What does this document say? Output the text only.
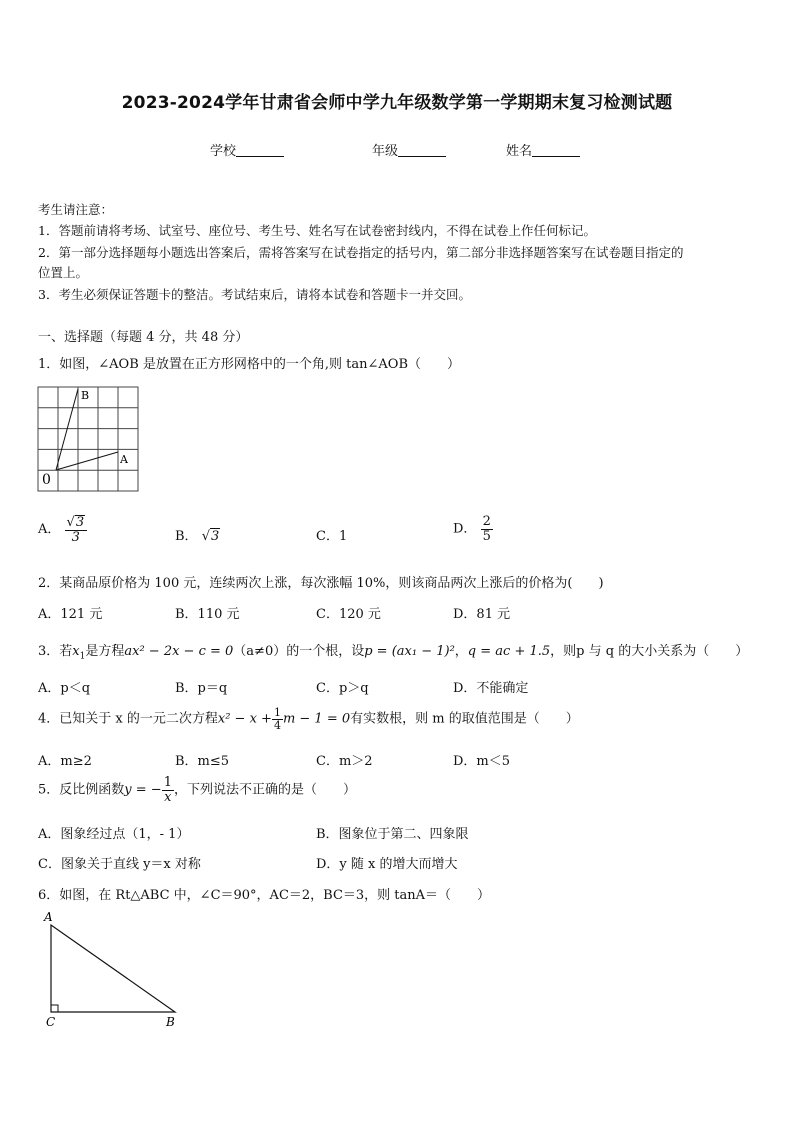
2023-2024学年甘肃省会师中学九年级数学第一学期期末复习检测试题
学校	年级	姓名
考生请注意：
1．答题前请将考场、试室号、座位号、考生号、姓名写在试卷密封线内，不得在试卷上作任何标记。
2．第一部分选择题每小题选出答案后，需将答案写在试卷指定的括号内，第二部分非选择题答案写在试卷题目指定的
位置上。
3．考生必须保证答题卡的整洁。考试结束后，请将本试卷和答题卡一并交回。
一、选择题（每题 4 分，共 48 分）
1．如图，∠AOB 是放置在正方形网格中的一个角,则 tan∠AOB（　　）
B
A
0
A． $\frac{√3}{3}$	B． √3	C．1	D． $\frac{2}{5}$
2．某商品原价格为 100 元，连续两次上涨，每次涨幅 10%，则该商品两次上涨后的价格为(　　)
A．121 元	B．110 元	C．120 元	D．81 元
3．若$x_1$是方程ax² − 2x − c = 0（a≠0）的一个根，设p = (ax₁ − 1)²，q = ac + 1.5，则p 与 q 的大小关系为（　　）
A．p＜q	B．p＝q	C．p＞q	D．不能确定
4．已知关于 x 的一元二次方程$x^2 - x + \frac{1}{4}$ m − 1 = 0有实数根，则 m 的取值范围是（　　）
A．m≥2	B．m≤5	C．m＞2	D．m＜5
5．反比例函数y = − $\frac{1}{x}$ ，下列说法不正确的是（　　）
A．图象经过点（1，- 1）	B．图象位于第二、四象限
C．图象关于直线 y＝x 对称	D．y 随 x 的增大而增大
6．如图，在 Rt△ABC 中，∠C＝90°，AC＝2，BC＝3，则 tanA＝（　　）
A
C	B
